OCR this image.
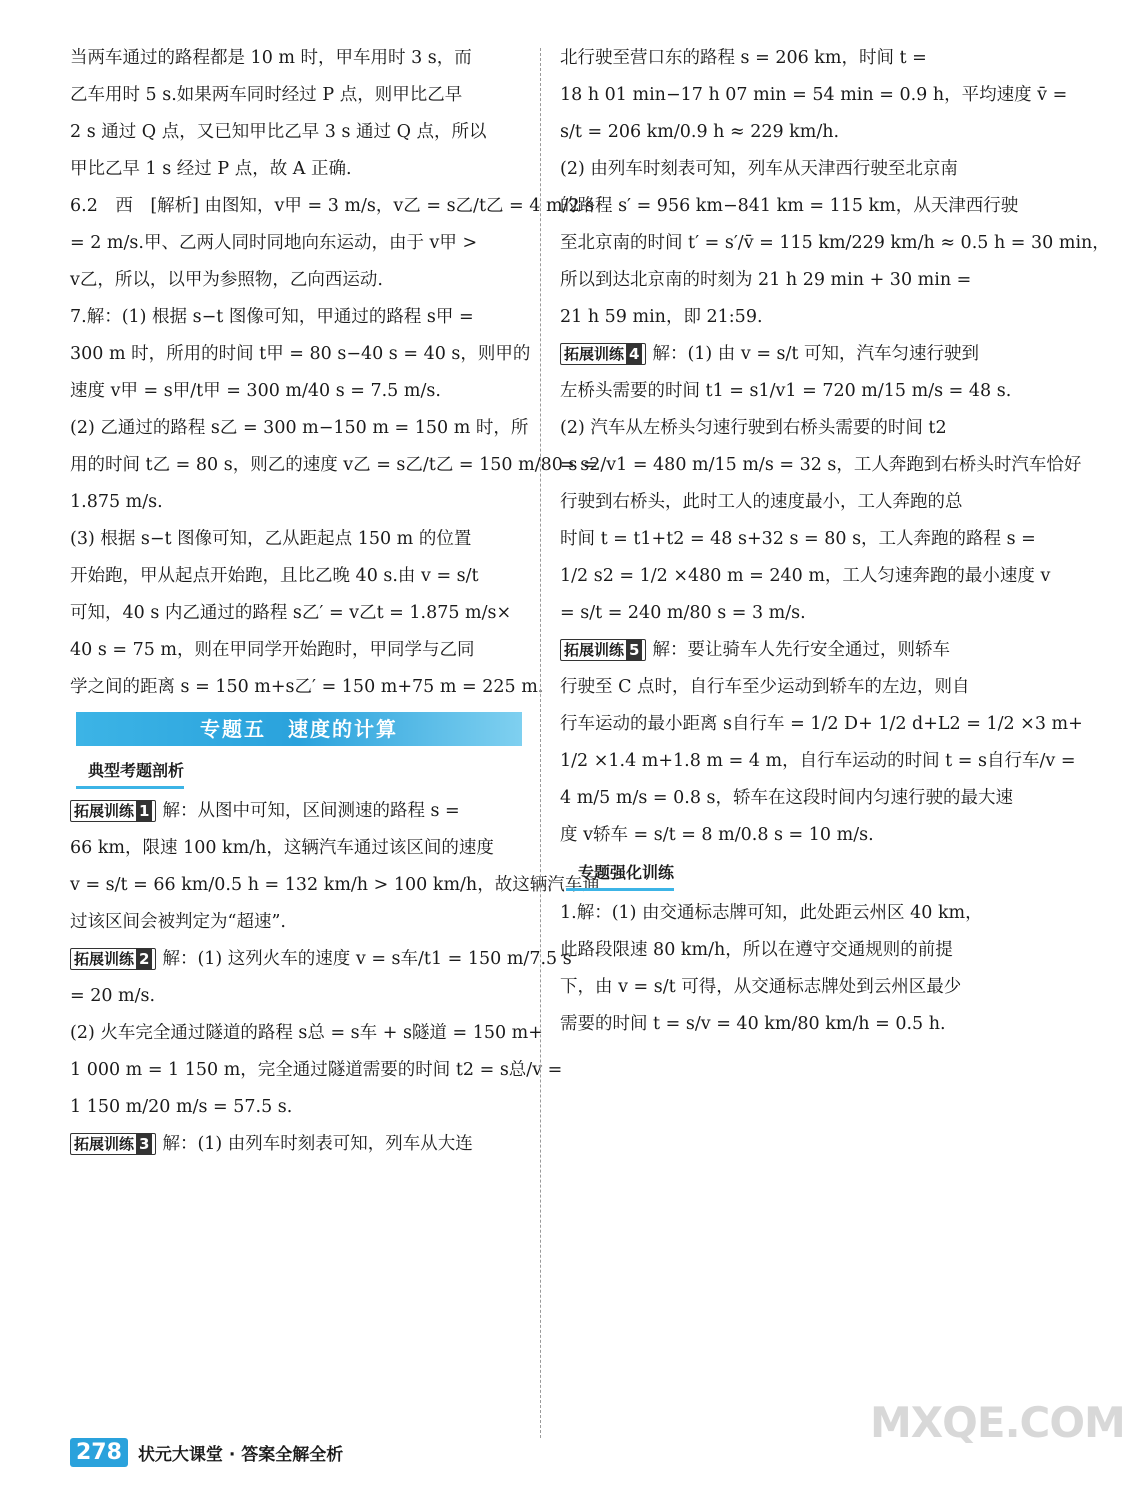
当两车通过的路程都是 10 m 时，甲车用时 3 s，而
乙车用时 5 s.如果两车同时经过 P 点，则甲比乙早
2 s 通过 Q 点，又已知甲比乙早 3 s 通过 Q 点，所以
甲比乙早 1 s 经过 P 点，故 A 正确.
6.2　西　[解析] 由图知，v甲 = 3 m/s，v乙 = s乙/t乙 = 4 m/2 s
= 2 m/s.甲、乙两人同时同地向东运动，由于 v甲 >
v乙，所以，以甲为参照物，乙向西运动.
7.解：(1) 根据 s−t 图像可知，甲通过的路程 s甲 =
300 m 时，所用的时间 t甲 = 80 s−40 s = 40 s，则甲的
速度 v甲 = s甲/t甲 = 300 m/40 s = 7.5 m/s.
(2) 乙通过的路程 s乙 = 300 m−150 m = 150 m 时，所
用的时间 t乙 = 80 s，则乙的速度 v乙 = s乙/t乙 = 150 m/80 s =
1.875 m/s.
(3) 根据 s−t 图像可知，乙从距起点 150 m 的位置
开始跑，甲从起点开始跑，且比乙晚 40 s.由 v = s/t
可知，40 s 内乙通过的路程 s乙′ = v乙t = 1.875 m/s×
40 s = 75 m，则在甲同学开始跑时，甲同学与乙同
学之间的距离 s = 150 m+s乙′ = 150 m+75 m = 225 m.
专题五　速度的计算
典型考题剖析
拓展训练 1 解：从图中可知，区间测速的路程 s =
66 km，限速 100 km/h，这辆汽车通过该区间的速度
v = s/t = 66 km/0.5 h = 132 km/h > 100 km/h，故这辆汽车通
过该区间会被判定为“超速”.
拓展训练 2 解：(1) 这列火车的速度 v = s车/t1 = 150 m/7.5 s
= 20 m/s.
(2) 火车完全通过隧道的路程 s总 = s车 + s隧道 = 150 m+
1 000 m = 1 150 m，完全通过隧道需要的时间 t2 = s总/v =
1 150 m/20 m/s = 57.5 s.
拓展训练 3 解：(1) 由列车时刻表可知，列车从大连
北行驶至营口东的路程 s = 206 km，时间 t =
18 h 01 min−17 h 07 min = 54 min = 0.9 h，平均速度 v̄ =
s/t = 206 km/0.9 h ≈ 229 km/h.
(2) 由列车时刻表可知，列车从天津西行驶至北京南
的路程 s′ = 956 km−841 km = 115 km，从天津西行驶
至北京南的时间 t′ = s′/v̄ = 115 km/229 km/h ≈ 0.5 h = 30 min，
所以到达北京南的时刻为 21 h 29 min + 30 min =
21 h 59 min，即 21:59.
拓展训练 4 解：(1) 由 v = s/t 可知，汽车匀速行驶到
左桥头需要的时间 t1 = s1/v1 = 720 m/15 m/s = 48 s.
(2) 汽车从左桥头匀速行驶到右桥头需要的时间 t2
= s2/v1 = 480 m/15 m/s = 32 s，工人奔跑到右桥头时汽车恰好
行驶到右桥头，此时工人的速度最小，工人奔跑的总
时间 t = t1+t2 = 48 s+32 s = 80 s，工人奔跑的路程 s =
1/2 s2 = 1/2 ×480 m = 240 m，工人匀速奔跑的最小速度 v
= s/t = 240 m/80 s = 3 m/s.
拓展训练 5 解：要让骑车人先行安全通过，则轿车
行驶至 C 点时，自行车至少运动到轿车的左边，则自
行车运动的最小距离 s自行车 = 1/2 D+ 1/2 d+L2 = 1/2 ×3 m+
1/2 ×1.4 m+1.8 m = 4 m，自行车运动的时间 t = s自行车/v =
4 m/5 m/s = 0.8 s，轿车在这段时间内匀速行驶的最大速
度 v轿车 = s/t = 8 m/0.8 s = 10 m/s.
专题强化训练
1.解：(1) 由交通标志牌可知，此处距云州区 40 km，
此路段限速 80 km/h，所以在遵守交通规则的前提
下，由 v = s/t 可得，从交通标志牌处到云州区最少
需要的时间 t = s/v = 40 km/80 km/h = 0.5 h.
278 状元大课堂 · 答案全解全析
MXQE.COM
